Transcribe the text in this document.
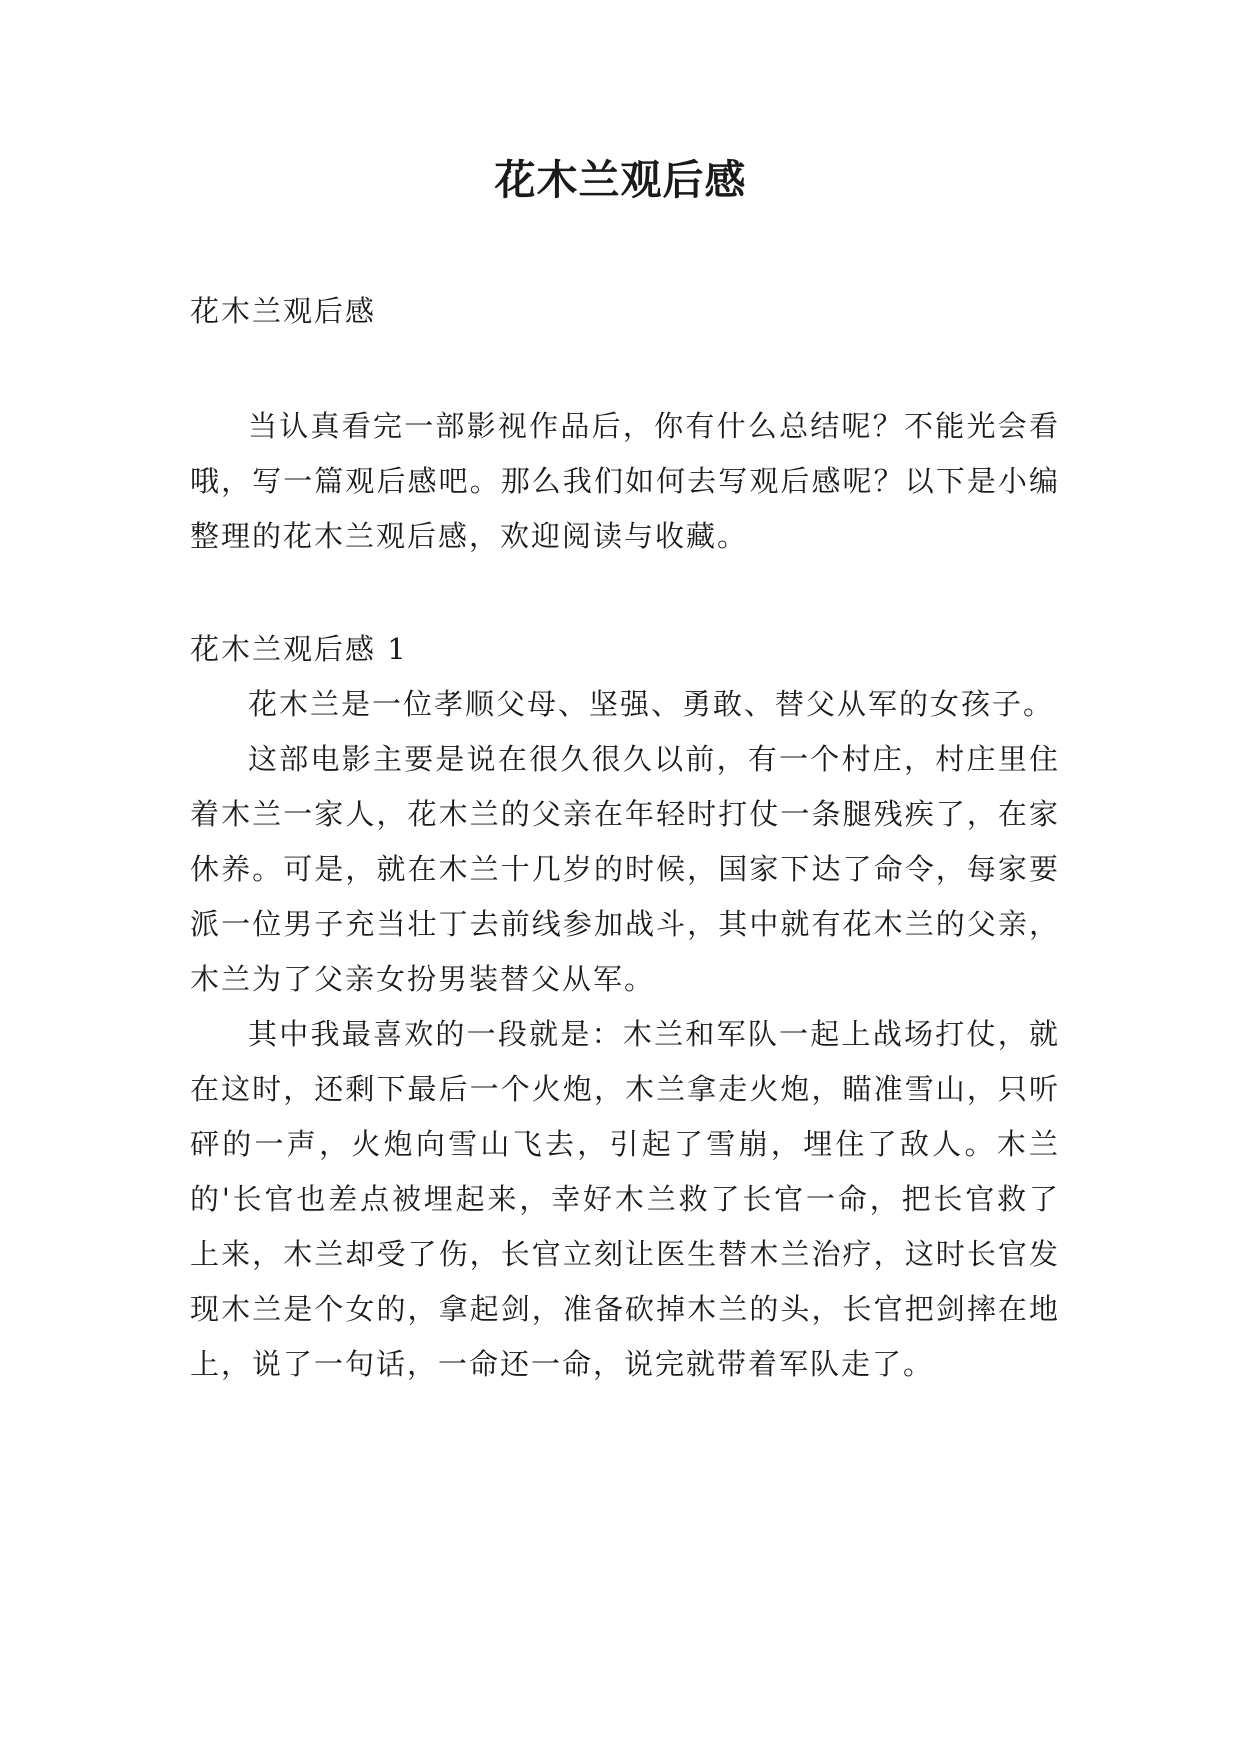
花木兰观后感

花木兰观后感

当认真看完一部影视作品后，你有什么总结呢？不能光会看哦，写一篇观后感吧。那么我们如何去写观后感呢？以下是小编整理的花木兰观后感，欢迎阅读与收藏。

花木兰观后感 1

花木兰是一位孝顺父母、坚强、勇敢、替父从军的女孩子。

这部电影主要是说在很久很久以前，有一个村庄，村庄里住着木兰一家人，花木兰的父亲在年轻时打仗一条腿残疾了，在家休养。可是，就在木兰十几岁的时候，国家下达了命令，每家要派一位男子充当壮丁去前线参加战斗，其中就有花木兰的父亲，木兰为了父亲女扮男装替父从军。

其中我最喜欢的一段就是：木兰和军队一起上战场打仗，就在这时，还剩下最后一个火炮，木兰拿走火炮，瞄准雪山，只听砰的一声，火炮向雪山飞去，引起了雪崩，埋住了敌人。木兰的'长官也差点被埋起来，幸好木兰救了长官一命，把长官救了上来，木兰却受了伤，长官立刻让医生替木兰治疗，这时长官发现木兰是个女的，拿起剑，准备砍掉木兰的头，长官把剑摔在地上，说了一句话，一命还一命，说完就带着军队走了。
